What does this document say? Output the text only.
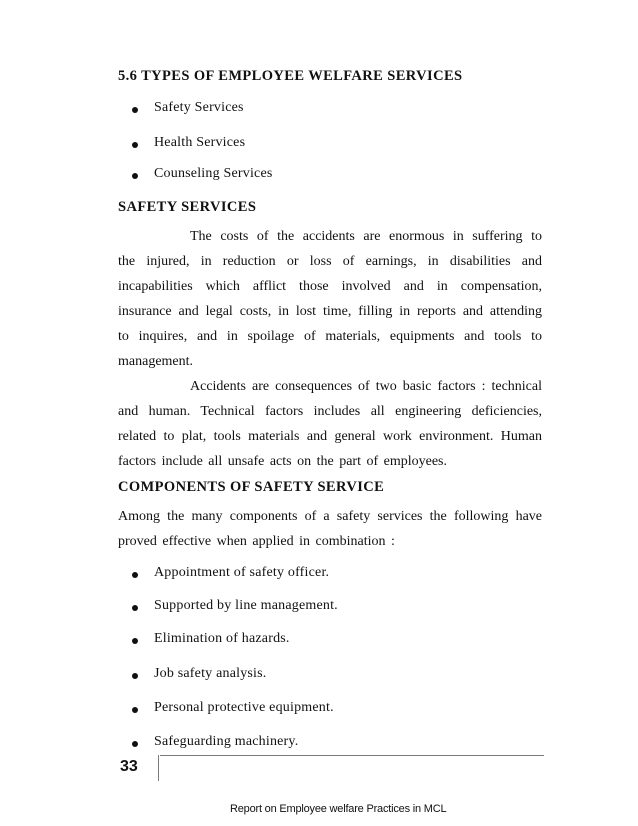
5.6 TYPES OF EMPLOYEE WELFARE SERVICES
Safety Services
Health Services
Counseling Services
SAFETY SERVICES
The costs of the accidents are enormous in suffering to
the injured, in reduction or loss of earnings, in disabilities and
incapabilities which afflict those involved and in compensation,
insurance and legal costs, in lost time, filling in reports and attending
to inquires, and in spoilage of materials, equipments and tools to
management.
Accidents are consequences of two basic factors : technical
and human. Technical factors includes all engineering deficiencies,
related to plat, tools materials and general work environment. Human
factors include all unsafe acts on the part of employees.
COMPONENTS OF SAFETY SERVICE
Among the many components of a safety services the following have
proved effective when applied in combination :
Appointment of safety officer.
Supported by line management.
Elimination of hazards.
Job safety analysis.
Personal protective equipment.
Safeguarding machinery.
33
Report on Employee welfare Practices in MCL
